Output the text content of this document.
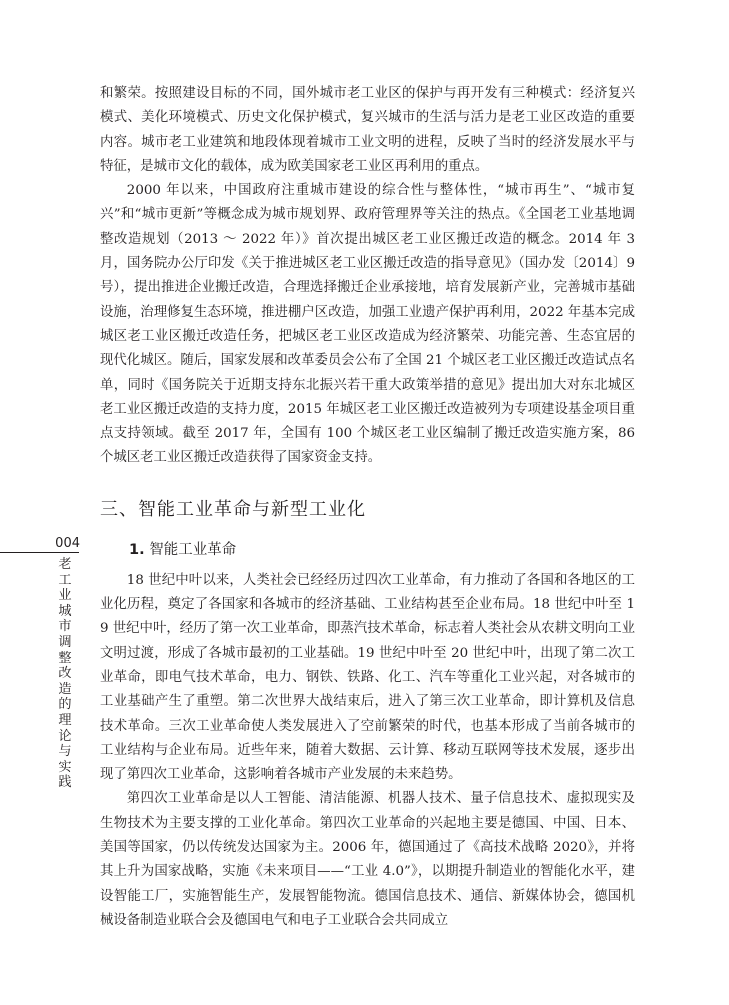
004
老工业城市调整改造的理论与实践

和繁荣。按照建设目标的不同，国外城市老工业区的保护与再开发有三种模式：经济复兴模式、美化环境模式、历史文化保护模式，复兴城市的生活与活力是老工业区改造的重要内容。城市老工业建筑和地段体现着城市工业文明的进程，反映了当时的经济发展水平与特征，是城市文化的载体，成为欧美国家老工业区再利用的重点。

2000 年以来，中国政府注重城市建设的综合性与整体性，“城市再生”、“城市复兴”和“城市更新”等概念成为城市规划界、政府管理界等关注的热点。《全国老工业基地调整改造规划（2013 ～ 2022 年）》首次提出城区老工业区搬迁改造的概念。2014 年 3 月，国务院办公厅印发《关于推进城区老工业区搬迁改造的指导意见》（国办发〔2014〕9 号），提出推进企业搬迁改造，合理选择搬迁企业承接地，培育发展新产业，完善城市基础设施，治理修复生态环境，推进棚户区改造，加强工业遗产保护再利用，2022 年基本完成城区老工业区搬迁改造任务，把城区老工业区改造成为经济繁荣、功能完善、生态宜居的现代化城区。随后，国家发展和改革委员会公布了全国 21 个城区老工业区搬迁改造试点名单，同时《国务院关于近期支持东北振兴若干重大政策举措的意见》提出加大对东北城区老工业区搬迁改造的支持力度，2015 年城区老工业区搬迁改造被列为专项建设基金项目重点支持领域。截至 2017 年，全国有 100 个城区老工业区编制了搬迁改造实施方案，86 个城区老工业区搬迁改造获得了国家资金支持。

三、智能工业革命与新型工业化
1. 智能工业革命

18 世纪中叶以来，人类社会已经经历过四次工业革命，有力推动了各国和各地区的工业化历程，奠定了各国家和各城市的经济基础、工业结构甚至企业布局。18 世纪中叶至 19 世纪中叶，经历了第一次工业革命，即蒸汽技术革命，标志着人类社会从农耕文明向工业文明过渡，形成了各城市最初的工业基础。19 世纪中叶至 20 世纪中叶，出现了第二次工业革命，即电气技术革命，电力、钢铁、铁路、化工、汽车等重化工业兴起，对各城市的工业基础产生了重塑。第二次世界大战结束后，进入了第三次工业革命，即计算机及信息技术革命。三次工业革命使人类发展进入了空前繁荣的时代，也基本形成了当前各城市的工业结构与企业布局。近些年来，随着大数据、云计算、移动互联网等技术发展，逐步出现了第四次工业革命，这影响着各城市产业发展的未来趋势。

第四次工业革命是以人工智能、清洁能源、机器人技术、量子信息技术、虚拟现实及生物技术为主要支撑的工业化革命。第四次工业革命的兴起地主要是德国、中国、日本、美国等国家，仍以传统发达国家为主。2006 年，德国通过了《高技术战略 2020》，并将其上升为国家战略，实施《未来项目——“工业 4.0”》，以期提升制造业的智能化水平，建设智能工厂，实施智能生产，发展智能物流。德国信息技术、通信、新媒体协会，德国机械设备制造业联合会及德国电气和电子工业联合会共同成立
